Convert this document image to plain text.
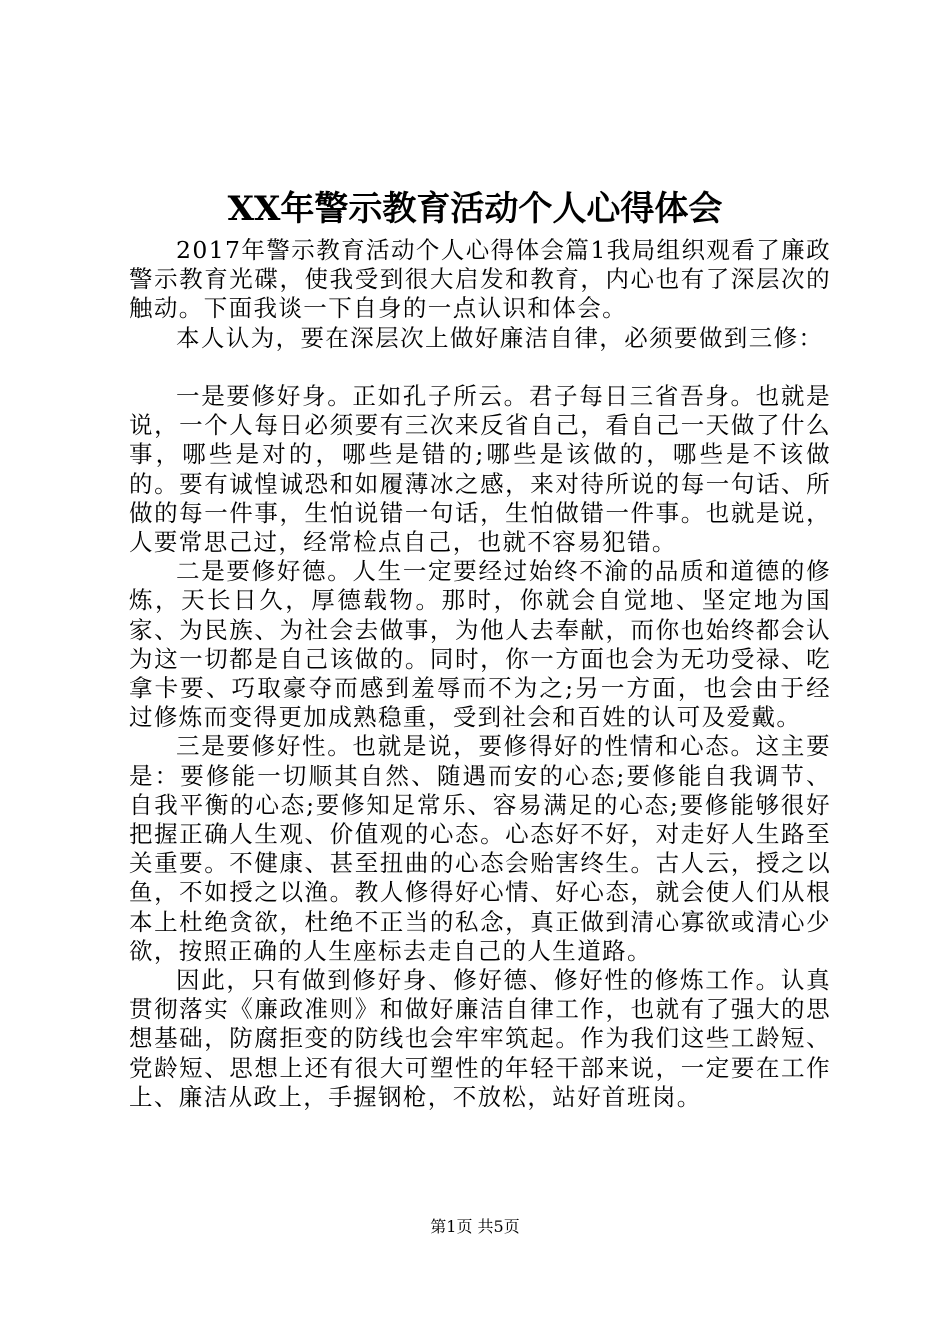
XX年警示教育活动个人心得体会

2017年警示教育活动个人心得体会篇1我局组织观看了廉政警示教育光碟，使我受到很大启发和教育，内心也有了深层次的触动。下面我谈一下自身的一点认识和体会。

本人认为，要在深层次上做好廉洁自律，必须要做到三修：

一是要修好身。正如孔子所云。君子每日三省吾身。也就是说，一个人每日必须要有三次来反省自己，看自己一天做了什么事，哪些是对的，哪些是错的;哪些是该做的，哪些是不该做的。要有诚惶诚恐和如履薄冰之感，来对待所说的每一句话、所做的每一件事，生怕说错一句话，生怕做错一件事。也就是说，人要常思己过，经常检点自己，也就不容易犯错。

二是要修好德。人生一定要经过始终不渝的品质和道德的修炼，天长日久，厚德载物。那时，你就会自觉地、坚定地为国家、为民族、为社会去做事，为他人去奉献，而你也始终都会认为这一切都是自己该做的。同时，你一方面也会为无功受禄、吃拿卡要、巧取豪夺而感到羞辱而不为之;另一方面，也会由于经过修炼而变得更加成熟稳重，受到社会和百姓的认可及爱戴。

三是要修好性。也就是说，要修得好的性情和心态。这主要是：要修能一切顺其自然、随遇而安的心态;要修能自我调节、自我平衡的心态;要修知足常乐、容易满足的心态;要修能够很好把握正确人生观、价值观的心态。心态好不好，对走好人生路至关重要。不健康、甚至扭曲的心态会贻害终生。古人云，授之以鱼，不如授之以渔。教人修得好心情、好心态，就会使人们从根本上杜绝贪欲，杜绝不正当的私念，真正做到清心寡欲或清心少欲，按照正确的人生座标去走自己的人生道路。

因此，只有做到修好身、修好德、修好性的修炼工作。认真贯彻落实《廉政准则》和做好廉洁自律工作，也就有了强大的思想基础，防腐拒变的防线也会牢牢筑起。作为我们这些工龄短、党龄短、思想上还有很大可塑性的年轻干部来说，一定要在工作上、廉洁从政上，手握钢枪，不放松，站好首班岗。

第1页 共5页
